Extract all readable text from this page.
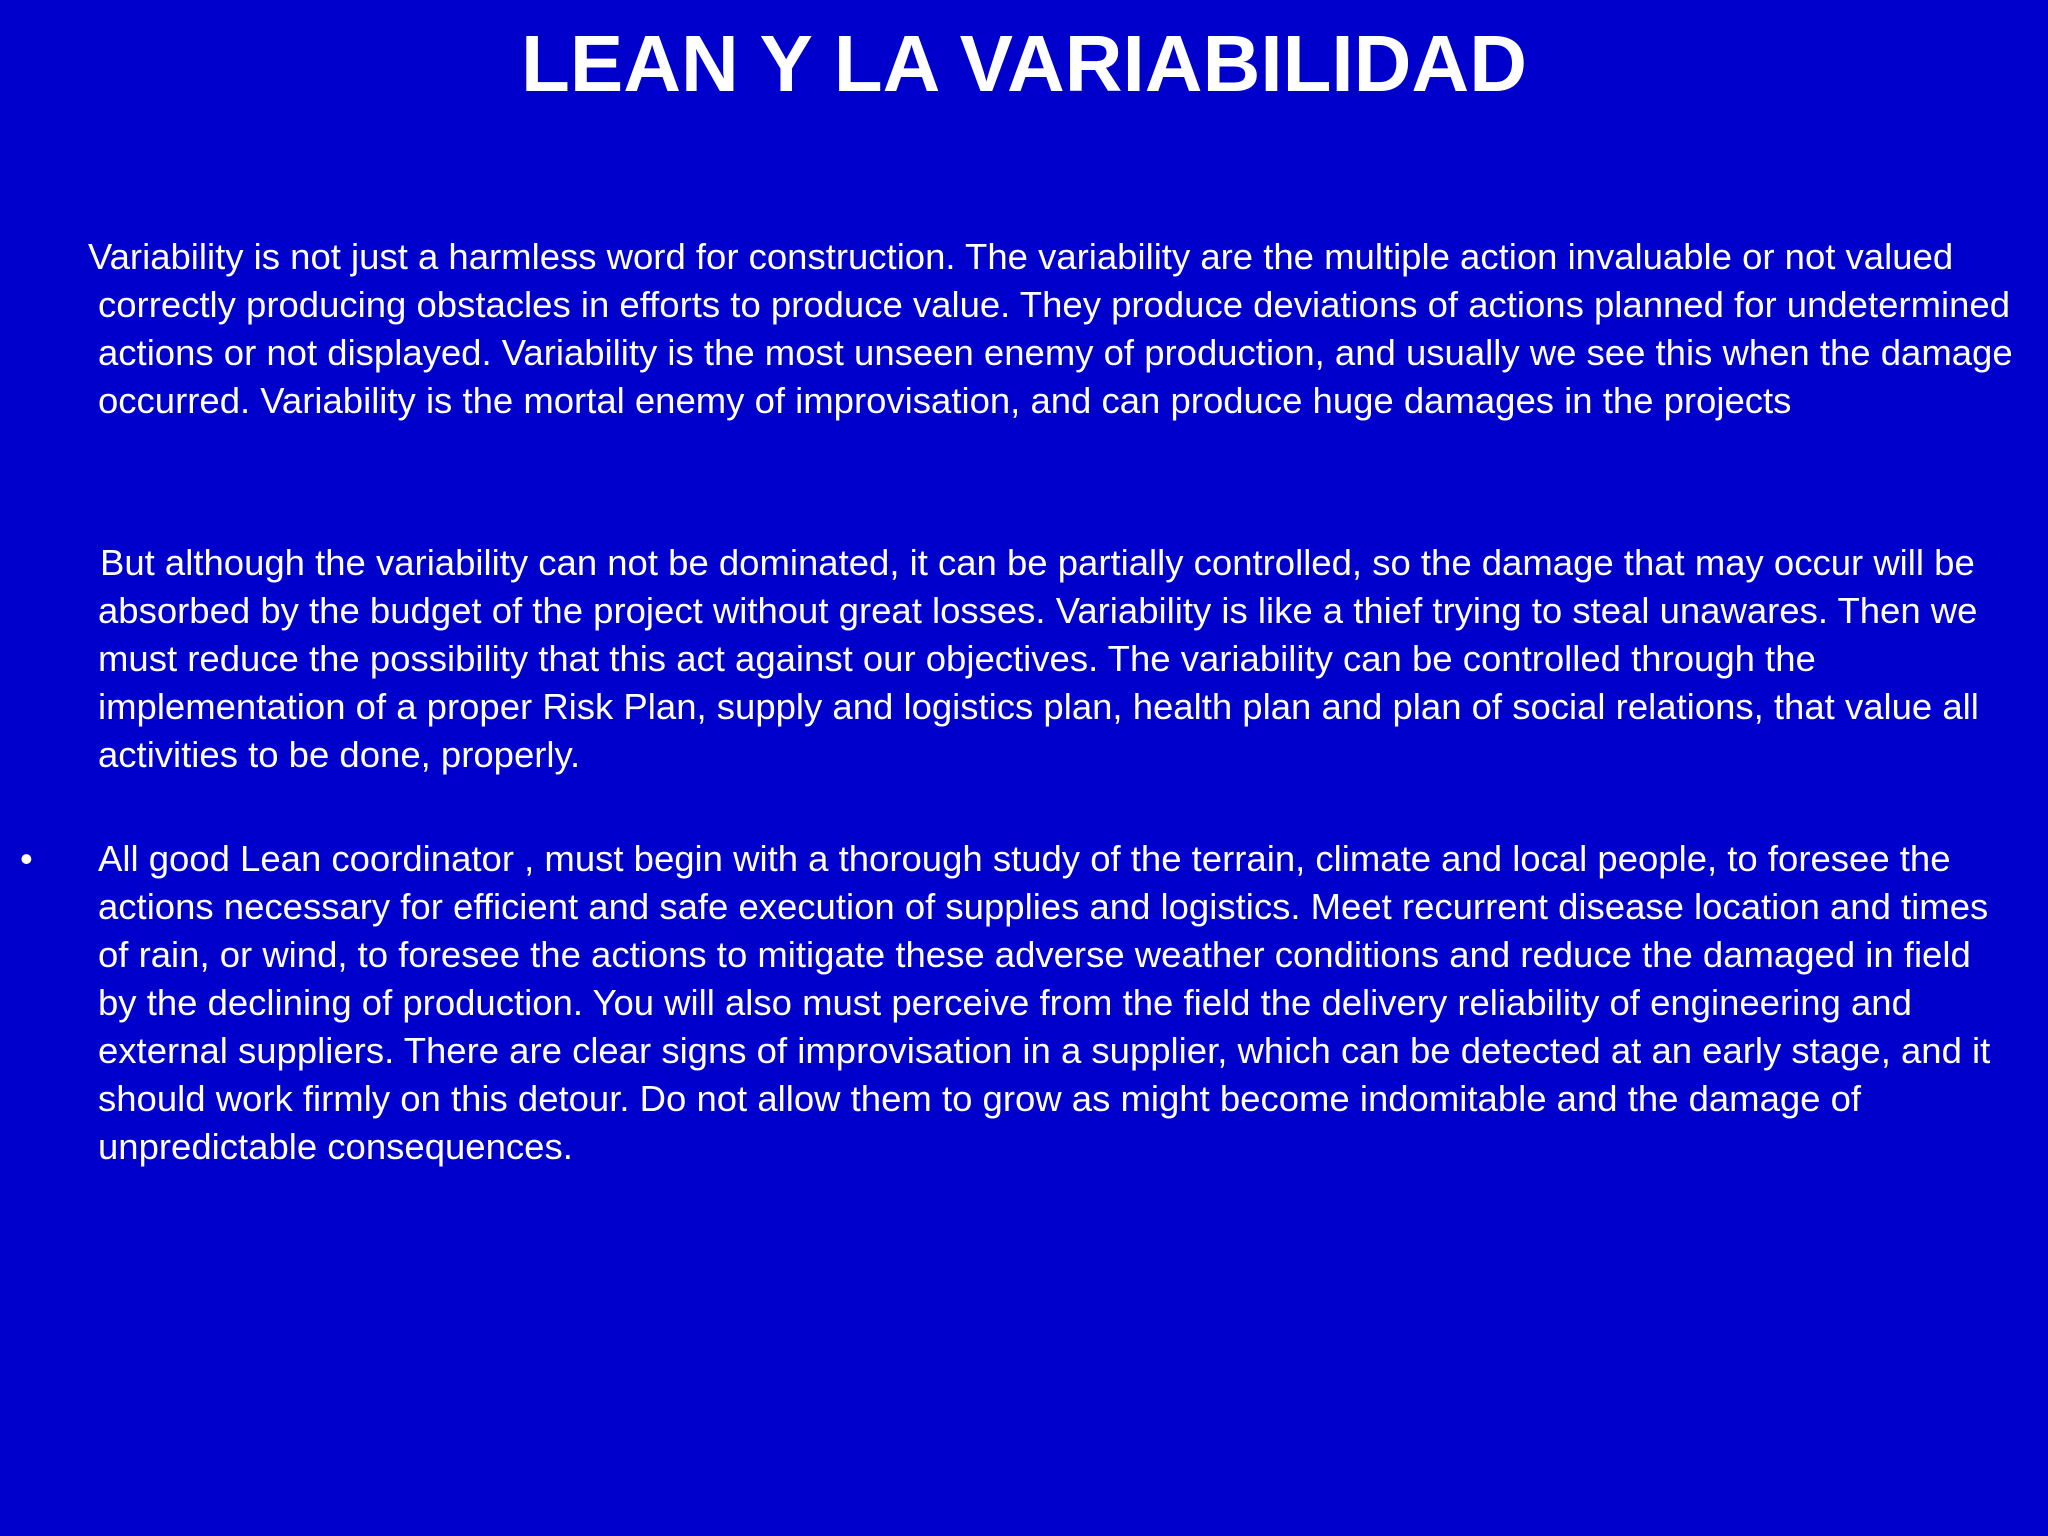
LEAN Y LA VARIABILIDAD

Variability is not just a harmless word for construction. The variability are the multiple action invaluable or not valued correctly producing obstacles in efforts to produce value. They produce deviations of actions planned for undetermined actions or not displayed. Variability is the most unseen enemy of production, and usually we see this when the damage occurred. Variability is the mortal enemy of improvisation, and can produce huge damages in the projects

But although the variability can not be dominated, it can be partially controlled, so the damage that may occur will be absorbed by the budget of the project without great losses. Variability is like a thief trying to steal unawares. Then we must reduce the possibility that this act against our objectives. The variability can be controlled through the implementation of a proper Risk Plan, supply and logistics plan, health plan and plan of social relations, that value all activities to be done, properly.

• All good Lean coordinator , must begin with a thorough study of the terrain, climate and local people, to foresee the actions necessary for efficient and safe execution of supplies and logistics. Meet recurrent disease location and times of rain, or wind, to foresee the actions to mitigate these adverse weather conditions and reduce the damaged in field by the declining of production. You will also must perceive from the field the delivery reliability of engineering and external suppliers. There are clear signs of improvisation in a supplier, which can be detected at an early stage, and it should work firmly on this detour. Do not allow them to grow as might become indomitable and the damage of unpredictable consequences.
